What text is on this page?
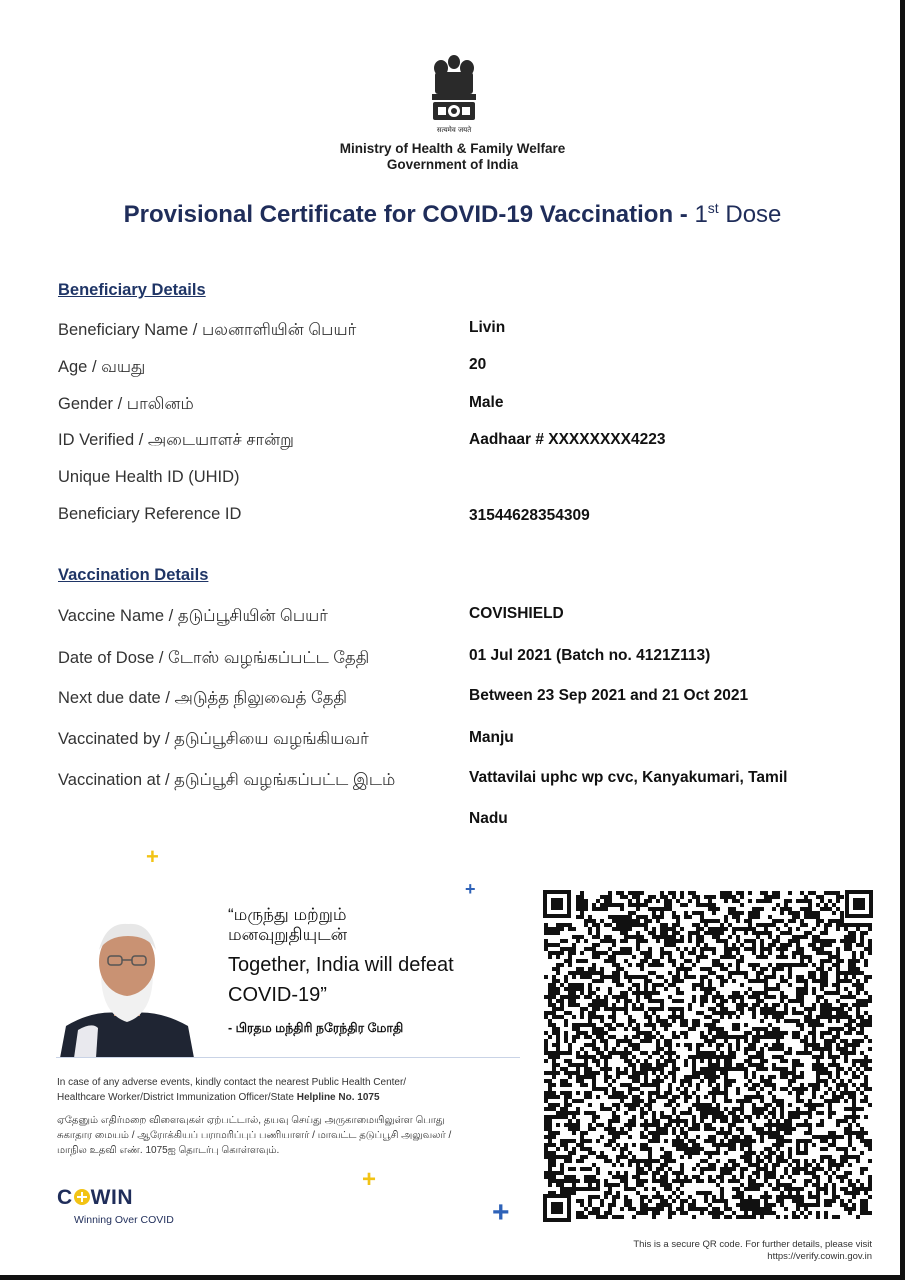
सत्यमेव जयते
Ministry of Health & Family Welfare
Government of India
Provisional Certificate for COVID-19 Vaccination - 1st Dose
Beneficiary Details
Beneficiary Name / பலனாளியின் பெயர்	Livin
Age / வயது	20
Gender / பாலினம்	Male
ID Verified / அடையாளச் சான்று	Aadhaar # XXXXXXXX4223
Unique Health ID (UHID)
Beneficiary Reference ID	31544628354309
Vaccination Details
Vaccine Name / தடுப்பூசியின் பெயர்	COVISHIELD
Date of Dose / டோஸ் வழங்கப்பட்ட தேதி	01 Jul 2021 (Batch no. 4121Z113)
Next due date / அடுத்த நிலுவைத் தேதி	Between 23 Sep 2021 and 21 Oct 2021
Vaccinated by / தடுப்பூசியை வழங்கியவர்	Manju
Vaccination at / தடுப்பூசி வழங்கப்பட்ட இடம்	Vattavilai uphc wp cvc, Kanyakumari, Tamil
Nadu
+
+
+
+
“மருந்து மற்றும்
மனவுறுதியுடன்
Together, India will defeat
COVID-19”
- பிரதம மந்திரி நரேந்திர மோதி
In case of any adverse events, kindly contact the nearest Public Health Center/
Healthcare Worker/District Immunization Officer/State Helpline No. 1075
ஏதேனும் எதிர்மறை விளைவுகள் ஏற்பட்டால், தயவு செய்து அருகாமையிலுள்ள பொது
சுகாதார மையம் / ஆரோக்கியப் பராமரிப்புப் பணியாளர் / மாவட்ட தடுப்பூசி அலுவலர் /
மாநில உதவி எண். 1075ஐ தொடர்பு கொள்ளவும்.
C WIN
Winning Over COVID
This is a secure QR code. For further details, please visit
https://verify.cowin.gov.in
